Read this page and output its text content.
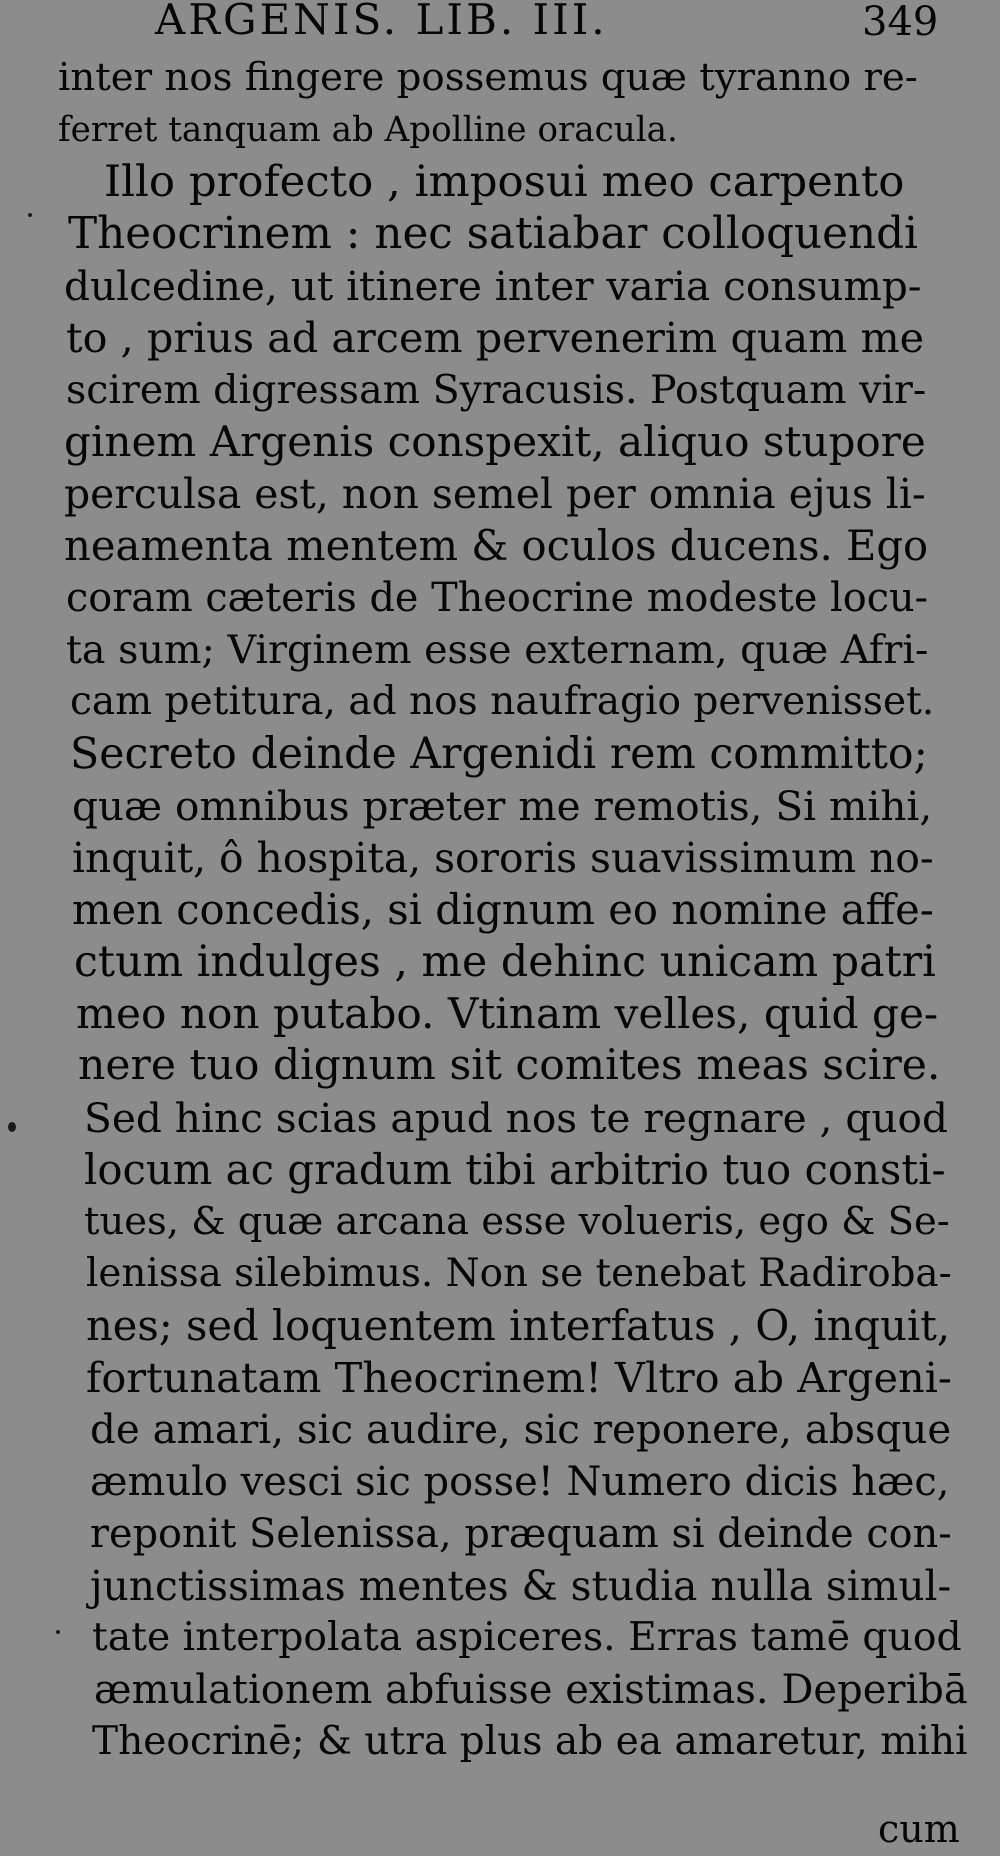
ARGENIS. LIB. III.	349
inter nos fingere possemus quæ tyranno re-
ferret tanquam ab Apolline oracula.
Illo profecto , imposui meo carpento
Theocrinem : nec satiabar colloquendi
dulcedine, ut itinere inter varia consump-
to , prius ad arcem pervenerim quam me
scirem digressam Syracusis. Postquam vir-
ginem Argenis conspexit, aliquo stupore
perculsa est, non semel per omnia ejus li-
neamenta mentem & oculos ducens. Ego
coram cæteris de Theocrine modeste locu-
ta sum; Virginem esse externam, quæ Afri-
cam petitura, ad nos naufragio pervenisset.
Secreto deinde Argenidi rem committo;
quæ omnibus præter me remotis, Si mihi,
inquit, ô hospita, sororis suavissimum no-
men concedis, si dignum eo nomine affe-
ctum indulges , me dehinc unicam patri
meo non putabo. Vtinam velles, quid ge-
nere tuo dignum sit comites meas scire.
Sed hinc scias apud nos te regnare , quod
locum ac gradum tibi arbitrio tuo consti-
tues, & quæ arcana esse volueris, ego & Se-
lenissa silebimus. Non se tenebat Radiroba-
nes; sed loquentem interfatus , O, inquit,
fortunatam Theocrinem! Vltro ab Argeni-
de amari, sic audire, sic reponere, absque
æmulo vesci sic posse! Numero dicis hæc,
reponit Selenissa, præquam si deinde con-
junctissimas mentes & studia nulla simul-
tate interpolata aspiceres. Erras tamē quod
æmulationem abfuisse existimas. Deperibā
Theocrinē; & utra plus ab ea amaretur, mihi
cum
